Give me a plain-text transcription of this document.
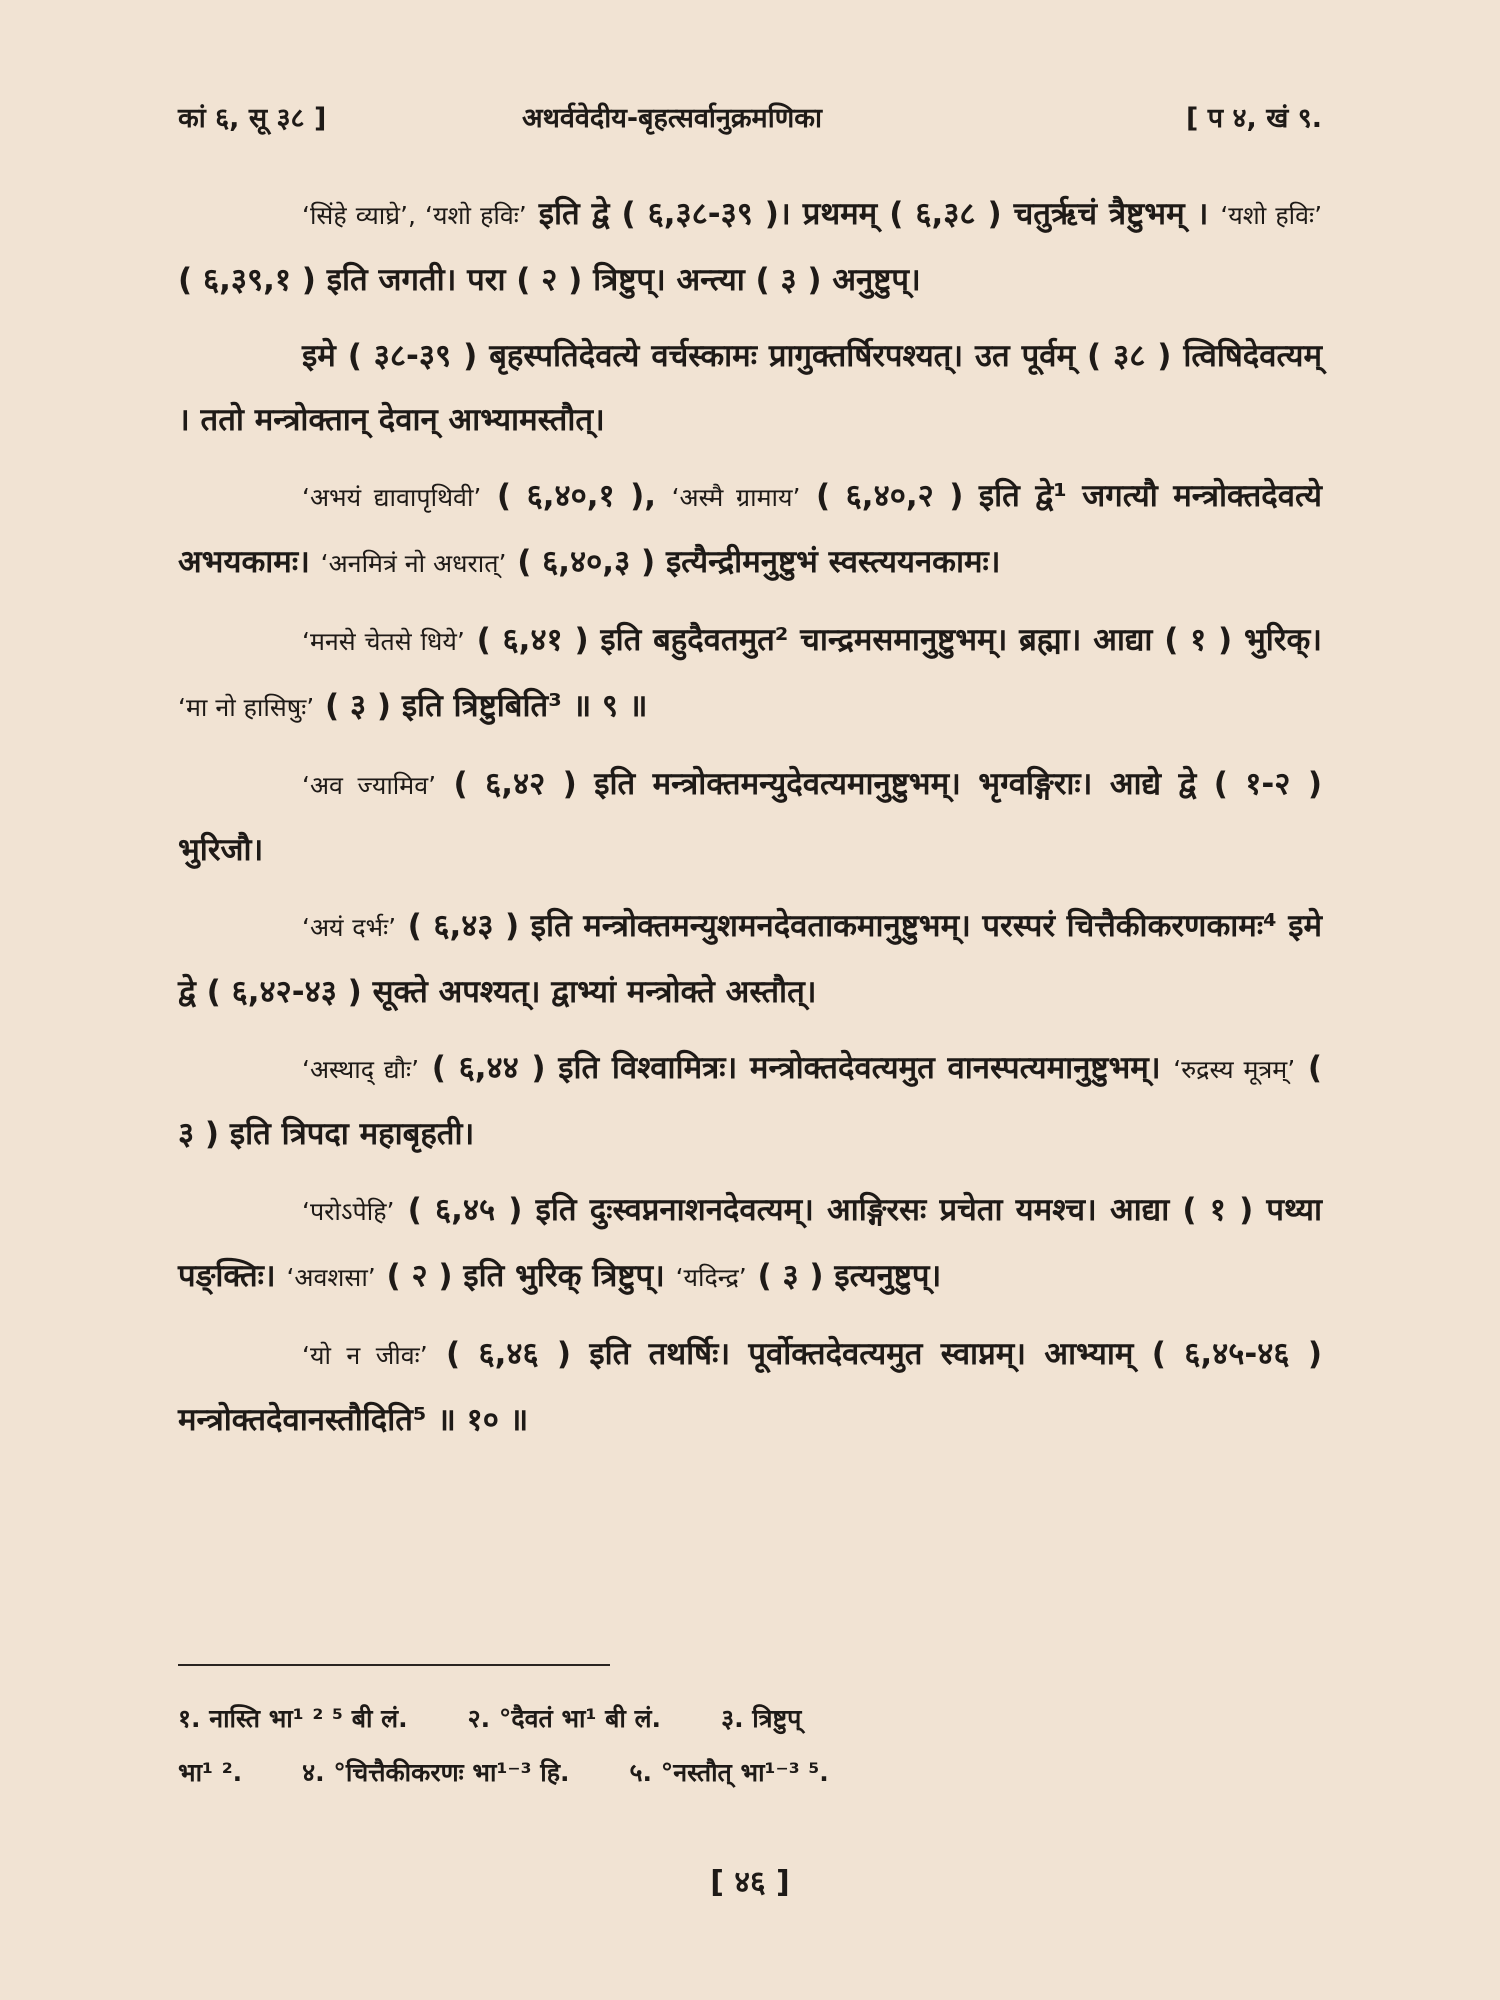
कां ६, सू ३८ ]	अथर्ववेदीय-बृहत्सर्वानुक्रमणिका	[ प ४, खं ९.

‘सिंहे व्याघ्रे’, ‘यशो हविः’ इति द्वे ( ६,३८-३९ )। प्रथमम् ( ६,३८ ) चतुर्ऋचं त्रैष्टुभम् । ‘यशो हविः’ ( ६,३९,१ ) इति जगती। परा ( २ ) त्रिष्टुप्। अन्त्या ( ३ ) अनुष्टुप्।

इमे ( ३८-३९ ) बृहस्पतिदेवत्ये वर्चस्कामः प्रागुक्तर्षिरपश्यत्। उत पूर्वम् ( ३८ ) त्विषिदेवत्यम् । ततो मन्त्रोक्तान् देवान् आभ्यामस्तौत्।

‘अभयं द्यावापृथिवी’ ( ६,४०,१ ), ‘अस्मै ग्रामाय’ ( ६,४०,२ ) इति द्वे¹ जगत्यौ मन्त्रोक्तदेवत्ये अभयकामः। ‘अनमित्रं नो अधरात्’ ( ६,४०,३ ) इत्यैन्द्रीमनुष्टुभं स्वस्त्ययनकामः।

‘मनसे चेतसे धिये’ ( ६,४१ ) इति बहुदैवतमुत² चान्द्रमसमानुष्टुभम्। ब्रह्मा। आद्या ( १ ) भुरिक्। ‘मा नो हासिषुः’ ( ३ ) इति त्रिष्टुबिति³ ॥ ९ ॥

‘अव ज्यामिव’ ( ६,४२ ) इति मन्त्रोक्तमन्युदेवत्यमानुष्टुभम्। भृग्वङ्गिराः। आद्ये द्वे ( १-२ ) भुरिजौ।

‘अयं दर्भः’ ( ६,४३ ) इति मन्त्रोक्तमन्युशमनदेवताकमानुष्टुभम्। परस्परं चित्तैकीकरणकामः⁴ इमे द्वे ( ६,४२-४३ ) सूक्ते अपश्यत्। द्वाभ्यां मन्त्रोक्ते अस्तौत्।

‘अस्थाद् द्यौः’ ( ६,४४ ) इति विश्वामित्रः। मन्त्रोक्तदेवत्यमुत वानस्पत्यमानुष्टुभम्। ‘रुद्रस्य मूत्रम्’ ( ३ ) इति त्रिपदा महाबृहती।

‘परोऽपेहि’ ( ६,४५ ) इति दुःस्वप्ननाशनदेवत्यम्। आङ्गिरसः प्रचेता यमश्च। आद्या ( १ ) पथ्या पङ्क्तिः। ‘अवशसा’ ( २ ) इति भुरिक् त्रिष्टुप्। ‘यदिन्द्र’ ( ३ ) इत्यनुष्टुप्।

‘यो न जीवः’ ( ६,४६ ) इति तथर्षिः। पूर्वोक्तदेवत्यमुत स्वाप्नम्। आभ्याम् ( ६,४५-४६ ) मन्त्रोक्तदेवानस्तौदिति⁵ ॥ १० ॥

१. नास्ति भा¹ ² ⁵ बी लं. २. °दैवतं भा¹ बी लं. ३. त्रिष्टुप्
भा¹ ². ४. °चित्तैकीकरणः भा¹⁻³ हि. ५. °नस्तौत् भा¹⁻³ ⁵.
[ ४६ ]
